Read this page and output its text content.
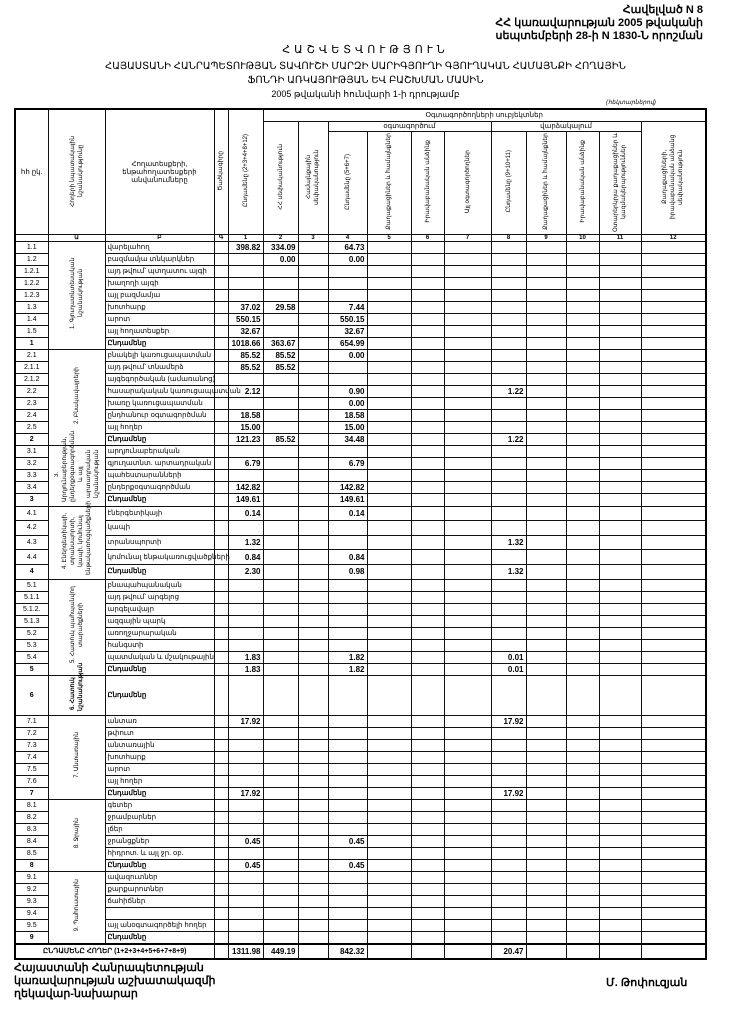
Հավելված N 8
ՀՀ կառավարության 2005 թվականի
սեպտեմբերի 28-ի N 1830-Ն որոշման
ՀԱՇՎԵՏՎՈՒԹՅՈՒՆ
ՀԱՅԱՍՏԱՆԻ ՀԱՆՐԱՊԵՏՈՒԹՅԱՆ ՏԱՎՈՒՇԻ ՄԱՐԶԻ ՍԱՐԻԳՅՈՒՂԻ ԳՅՈՒՂԱԿԱՆ ՀԱՄԱՅՆՔԻ ՀՈՂԱՅԻՆ
ՖՈՆԴԻ ԱՌԿԱՅՈՒԹՅԱՆ ԵՎ ԲԱՇԽՄԱՆ ՄԱՍԻՆ
2005 թվականի հունվարի 1-ի դրությամբ
(հեկտարներով)
հհ ըկ.	Հողերի նպատակային նշանակությունը	Հողատեսքերի, ենթահողատեսքերի անվանումները	Ծածկագիրը	Ընդամենը (2+3+4+8+12)	Օգտագործողների սուբյեկտներ										
					ՀՀ սեփականություն	Համայնքային սեփականություն	օգտագործում				վարձակալում				Քաղաքացիների, իրավաբանական անձանց սեփականություն
							Ընդամենը (5+6+7)	Քաղաքացիներ և համայնքներ	Իրավաբանական անձինք	Այլ օգտագործողներ	Ընդամենը (9+10+11)	Քաղաքացիներ և համայնքներ	Իրավաբանական անձինք	Օտարերկրյա քաղաքացիներ և կազմակերպություններ	
	Ա	Բ	Գ	1	2	3	4	5	6	7	8	9	10	11	12
1.1	1. Գյուղատնտեսական նշանակության	վարելահող		398.82	334.09		64.73								
1.2		բազմամյա տնկարկներ			0.00		0.00								
1.2.1		այդ թվում՝ պտղատու այգի													
1.2.2		խաղողի այգի													
1.2.3		այլ բազմամյա													
1.3		խոտհարք		37.02	29.58		7.44								
1.4		արոտ		550.15			550.15								
1.5		այլ հողատեսքեր		32.67			32.67								
1		Ընդամենը		1018.66	363.67		654.99								
2.1	2. Բնակավայրերի	բնակելի կառուցապատման		85.52	85.52		0.00								
2.1.1		այդ թվում՝ տնամերձ		85.52	85.52										
2.1.2		այգեգործական (ամառանոց)													
2.2		հասարակական կառուցապատման		2.12			0.90				1.22				
2.3		խառը կառուցապատման					0.00								
2.4		ընդհանուր օգտագործման		18.58			18.58								
2.5		այլ հողեր		15.00			15.00								
2		Ընդամենը		121.23	85.52		34.48				1.22				
3.1	3. Արդյունաբերության, ընդերքօգտագործման և այլ արտադրական նշանակության	արդյունաբերական													
3.2		գյուղատնտ. արտադրական		6.79			6.79								
3.3		պահեստարանների													
3.4		ընդերքօգտագործման		142.82			142.82								
3		Ընդամենը		149.61			149.61								
4.1	4. Էներգետիկայի, տրանսպորտի, կապի, կոմունալ ենթակառուցվածքների	էներգետիկայի		0.14			0.14								
4.2		կապի													
4.3		տրանսպորտի		1.32							1.32				
4.4		կոմունալ ենթակառուցվածքների		0.84			0.84								
4		Ընդամենը		2.30			0.98				1.32				
5.1	5. Հատուկ պահպանվող տարածքների	բնապահպանական													
5.1.1		այդ թվում՝ արգելոց													
5.1.2.		արգելավայր													
5.1.3		ազգային պարկ													
5.2		առողջարարական													
5.3		հանգստի													
5.4		պատմական և մշակութային		1.83			1.82				0.01				
5		Ընդամենը		1.83			1.82				0.01				
6	6. Հատուկ նշանակության	Ընդամենը													
7.1	7. Անտառային	անտառ		17.92							17.92				
7.2		թփուտ													
7.3		անտառային													
7.4		խոտհարք													
7.5		արոտ													
7.6		այլ հողեր													
7		Ընդամենը		17.92							17.92				
8.1	8. Ջրային	գետեր													
8.2		ջրամբարներ													
8.3		լճեր													
8.4		ջրանցքներ		0.45			0.45								
8.5		հիդրոտ. և այլ ջր. օբ.													
8		Ընդամենը		0.45			0.45								
9.1	9. Պահուստային	ավազուտներ													
9.2		քարքարոտներ													
9.3		ճահիճներ													
9.4															
9.5		այլ անօգտագործելի հողեր													
9		Ընդամենը													
ԸՆԴԱՄԵՆԸ ՀՈՂԵՐ (1+2+3+4+5+6+7+8+9)				1311.98	449.19		842.32				20.47				
Հայաստանի Հանրապետության
կառավարության աշխատակազմի
ղեկավար-նախարար
Մ. Թոփուզյան
